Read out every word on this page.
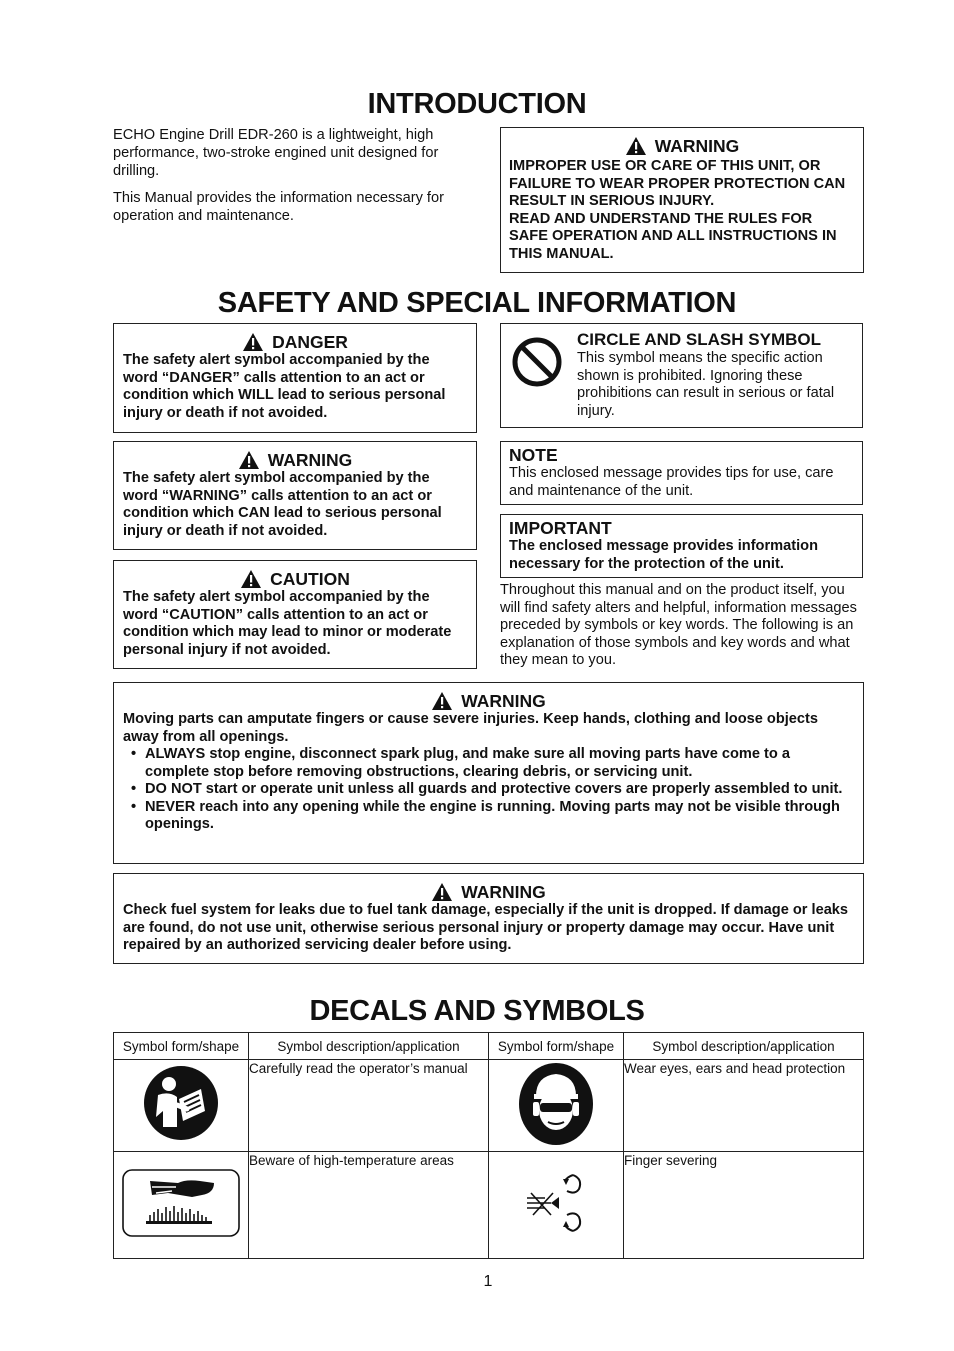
INTRODUCTION

ECHO Engine Drill EDR-260 is a lightweight, high performance, two-stroke engined unit designed for drilling.

This Manual provides the information necessary for operation and maintenance.

WARNING

IMPROPER USE OR CARE OF THIS UNIT, OR FAILURE TO WEAR PROPER PROTECTION CAN RESULT IN SERIOUS INJURY.

READ AND UNDERSTAND THE RULES FOR SAFE OPERATION AND ALL INSTRUCTIONS IN THIS MANUAL.

SAFETY AND SPECIAL INFORMATION
DANGER

The safety alert symbol accompanied by the word “DANGER” calls attention to an act or condition which WILL lead to serious personal injury or death if not avoided.

WARNING

The safety alert symbol accompanied by the word “WARNING” calls attention to an act or condition which CAN lead to serious personal injury or death if not avoided.

CAUTION

The safety alert symbol accompanied by the word “CAUTION” calls attention to an act or condition which may lead to minor or moderate personal injury if not avoided.

CIRCLE AND SLASH SYMBOL

This symbol means the specific action shown is prohibited. Ignoring these prohibitions can result in serious or fatal injury.

NOTE

This enclosed message provides tips for use, care and maintenance of the unit.

IMPORTANT

The enclosed message provides information necessary for the protection of the unit.

Throughout this manual and on the product itself, you will find safety alters and helpful, information messages preceded by symbols or key words. The following is an explanation of those symbols and key words and what they mean to you.

WARNING

Moving parts can amputate fingers or cause severe injuries. Keep hands, clothing and loose objects away from all openings.

• ALWAYS stop engine, disconnect spark plug, and make sure all moving parts have come to a complete stop before removing obstructions, clearing debris, or servicing unit.
• DO NOT start or operate unit unless all guards and protective covers are properly assembled to unit.
• NEVER reach into any opening while the engine is running. Moving parts may not be visible through openings.
WARNING

Check fuel system for leaks due to fuel tank damage, especially if the unit is dropped. If damage or leaks are found, do not use unit, otherwise serious personal injury or property damage may occur. Have unit repaired by an authorized servicing dealer before using.

DECALS AND SYMBOLS
Symbol form/shape	Symbol description/application	Symbol form/shape	Symbol description/application
	Carefully read the operator’s manual		Wear eyes, ears and head protection
	Beware of high-temperature areas		Finger severing
1
